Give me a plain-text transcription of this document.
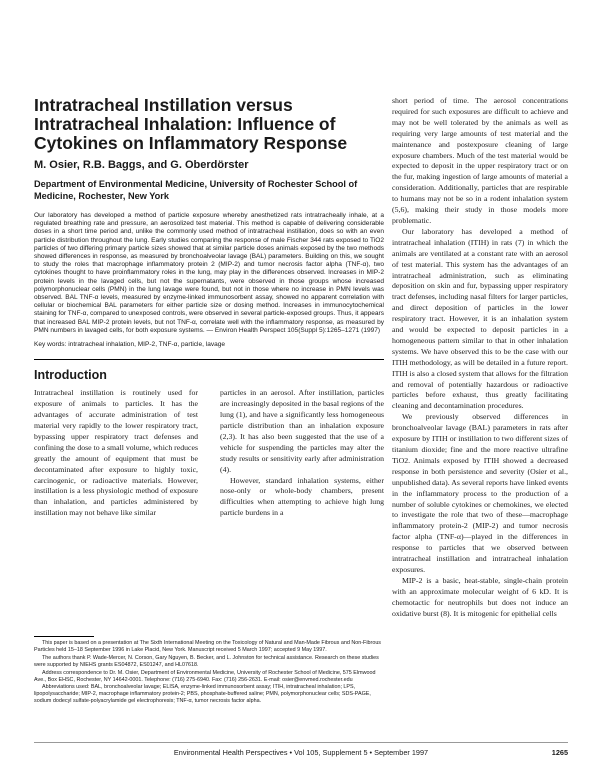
Intratracheal Instillation versus Intratracheal Inhalation: Influence of Cytokines on Inflammatory Response
M. Osier, R.B. Baggs, and G. Oberdörster
Department of Environmental Medicine, University of Rochester School of Medicine, Rochester, New York

Our laboratory has developed a method of particle exposure whereby anesthetized rats intratracheally inhale, at a regulated breathing rate and pressure, an aerosolized test material. This method is capable of delivering considerable doses in a short time period and, unlike the commonly used method of intratracheal instillation, does so with an even particle distribution throughout the lung. Early studies comparing the response of male Fischer 344 rats exposed to TiO2 particles of two differing primary particle sizes showed that at similar particle doses animals exposed by the two methods showed differences in response, as measured by bronchoalveolar lavage (BAL) parameters. Building on this, we sought to study the roles that macrophage inflammatory protein 2 (MIP-2) and tumor necrosis factor alpha (TNF-α), two cytokines thought to have proinflammatory roles in the lung, may play in the differences observed. Increases in MIP-2 protein levels in the lavaged cells, but not the supernatants, were observed in those groups whose increased polymorphonuclear cells (PMN) in the lung lavage were found, but not in those where no increase in PMN levels was observed. BAL TNF-α levels, measured by enzyme-linked immunosorbent assay, showed no apparent correlation with cellular or biochemical BAL parameters for either particle size or dosing method. Increases in immunocytochemical staining for TNF-α, compared to unexposed controls, were observed in several particle-exposed groups. Thus, it appears that increased BAL MIP-2 protein levels, but not TNF-α, correlate well with the inflammatory response, as measured by PMN numbers in lavaged cells, for both exposure systems. — Environ Health Perspect 105(Suppl 5):1265–1271 (1997)

Key words: intratracheal inhalation, MIP-2, TNF-α, particle, lavage
Introduction

Intratracheal instillation is routinely used for exposure of animals to particles. It has the advantages of accurate administration of test material very rapidly to the lower respiratory tract, bypassing upper respiratory tract defenses and confining the dose to a small volume, which reduces greatly the amount of equipment that must be decontaminated after exposure to highly toxic, carcinogenic, or radioactive materials. However, instillation is a less physiologic method of exposure than inhalation, and particles administered by instillation may not behave like similar

particles in an aerosol. After instillation, particles are increasingly deposited in the basal regions of the lung (1), and have a significantly less homogeneous particle distribution than an inhalation exposure (2,3). It has also been suggested that the use of a vehicle for suspending the particles may alter the study results or sensitivity early after administration (4).

However, standard inhalation systems, either nose-only or whole-body chambers, present difficulties when attempting to achieve high lung particle burdens in a

short period of time. The aerosol concentrations required for such exposures are difficult to achieve and may not be well tolerated by the animals as well as requiring very large amounts of test material and the maintenance and postexposure cleaning of large exposure chambers. Much of the test material would be expected to deposit in the upper respiratory tract or on the fur, making ingestion of large amounts of material a consideration. Additionally, particles that are respirable to humans may not be so in a rodent inhalation system (5,6), making their study in those models more problematic.

Our laboratory has developed a method of intratracheal inhalation (ITIH) in rats (7) in which the animals are ventilated at a constant rate with an aerosol of test material. This system has the advantages of an intratracheal administration, such as eliminating deposition on skin and fur, bypassing upper respiratory tract defenses, including nasal filters for larger particles, and direct deposition of particles in the lower respiratory tract. However, it is an inhalation system and would be expected to deposit particles in a homogeneous pattern similar to that in other inhalation systems. We have observed this to be the case with our ITIH methodology, as will be detailed in a future report. ITIH is also a closed system that allows for the filtration and removal of potentially hazardous or radioactive particles before exhaust, thus greatly facilitating cleaning and decontamination procedures.

We previously observed differences in bronchoalveolar lavage (BAL) parameters in rats after exposure by ITIH or instillation to two different sizes of titanium dioxide; fine and the more reactive ultrafine TiO2. Animals exposed by ITIH showed a decreased response in both persistence and severity (Osier et al., unpublished data). As several reports have linked events in the inflammatory process to the production of a number of soluble cytokines or chemokines, we elected to investigate the role that two of these—macrophage inflammatory protein-2 (MIP-2) and tumor necrosis factor alpha (TNF-α)—played in the differences in response to particles that we observed between intratracheal instillation and intratracheal inhalation exposures.

MIP-2 is a basic, heat-stable, single-chain protein with an approximate molecular weight of 6 kD. It is chemotactic for neutrophils but does not induce an oxidative burst (8). It is mitogenic for epithelial cells

This paper is based on a presentation at The Sixth International Meeting on the Toxicology of Natural and Man-Made Fibrous and Non-Fibrous Particles held 15–18 September 1996 in Lake Placid, New York. Manuscript received 5 March 1997; accepted 9 May 1997.

The authors thank P. Wade-Mercer, N. Corson, Gary Nguyen, B. Becker, and L. Johnston for technical assistance. Research on these studies were supported by NIEHS grants ES04872, ES01247, and HL07618.

Address correspondence to Dr. M. Osier, Department of Environmental Medicine, University of Rochester School of Medicine, 575 Elmwood Ave., Box EHSC, Rochester, NY 14642-0001. Telephone: (716) 275-6940. Fax: (716) 256-2631. E-mail: osier@envmed.rochester.edu

Abbreviations used: BAL, bronchoalveolar lavage; ELISA, enzyme-linked immunosorbent assay; ITIH, intratracheal inhalation; LPS, lipopolysaccharide; MIP-2, macrophage inflammatory protein-2; PBS, phosphate-buffered saline; PMN, polymorphonuclear cells; SDS-PAGE, sodium dodecyl sulfate-polyacrylamide gel electrophoresis; TNF-α, tumor necrosis factor alpha.

Environmental Health Perspectives • Vol 105, Supplement 5 • September 1997	1265
